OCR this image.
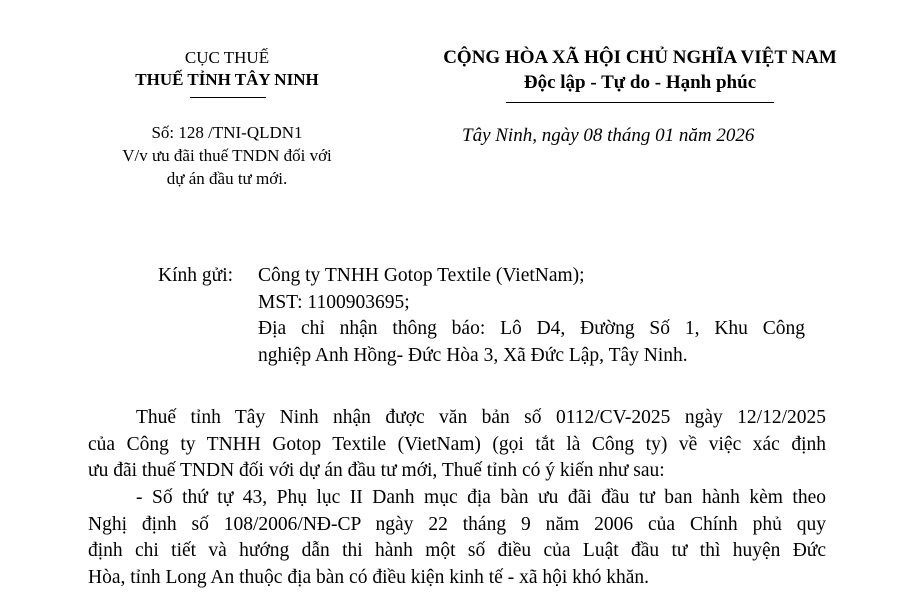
CỤC THUẾ
THUẾ TỈNH TÂY NINH
Số: 128 /TNI-QLDN1
V/v ưu đãi thuế TNDN đối với
dự án đầu tư mới.
CỘNG HÒA XÃ HỘI CHỦ NGHĨA VIỆT NAM
Độc lập - Tự do - Hạnh phúc
Tây Ninh, ngày 08 tháng 01 năm 2026
Kính gửi: Công ty TNHH Gotop Textile (VietNam);
MST: 1100903695;
Địa chỉ nhận thông báo: Lô D4, Đường Số 1, Khu Công
nghiệp Anh Hồng- Đức Hòa 3, Xã Đức Lập, Tây Ninh.
Thuế tỉnh Tây Ninh nhận được văn bản số 0112/CV-2025 ngày 12/12/2025
của Công ty TNHH Gotop Textile (VietNam) (gọi tắt là Công ty) về việc xác định
ưu đãi thuế TNDN đối với dự án đầu tư mới, Thuế tỉnh có ý kiến như sau:
- Số thứ tự 43, Phụ lục II Danh mục địa bàn ưu đãi đầu tư ban hành kèm theo
Nghị định số 108/2006/NĐ-CP ngày 22 tháng 9 năm 2006 của Chính phủ quy
định chi tiết và hướng dẫn thi hành một số điều của Luật đầu tư thì huyện Đức
Hòa, tỉnh Long An thuộc địa bàn có điều kiện kinh tế - xã hội khó khăn.
